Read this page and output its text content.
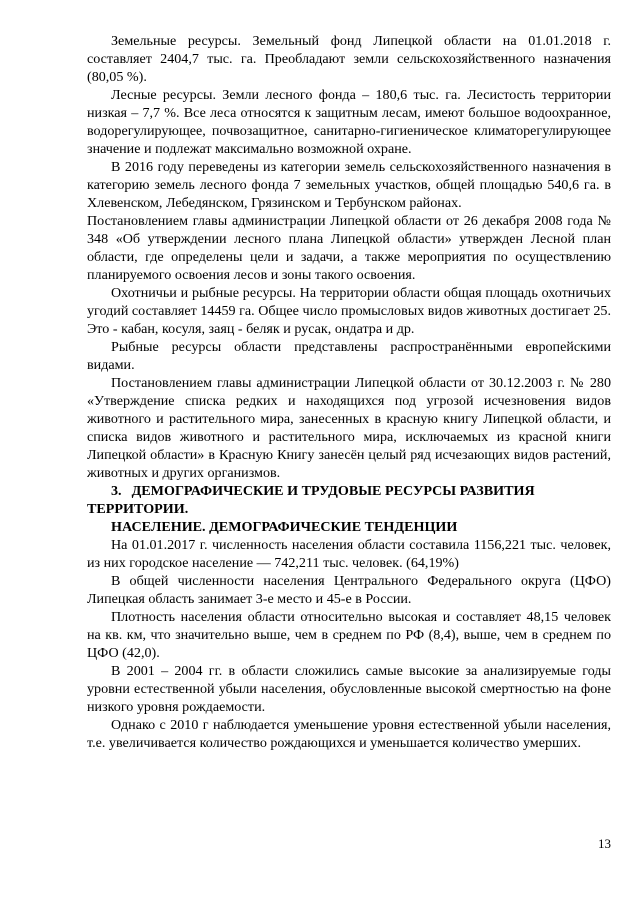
Земельные ресурсы. Земельный фонд Липецкой области на 01.01.2018 г. составляет 2404,7 тыс. га. Преобладают земли сельскохозяйственного назначения (80,05 %).

Лесные ресурсы. Земли лесного фонда – 180,6 тыс. га. Лесистость территории низкая – 7,7 %. Все леса относятся к защитным лесам, имеют большое водоохранное, водорегулирующее, почвозащитное, санитарно-гигиеническое климаторегулирующее значение и подлежат максимально возможной охране.

В 2016 году переведены из категории земель сельскохозяйственного назначения в категорию земель лесного фонда 7 земельных участков, общей площадью 540,6 га. в Хлевенском, Лебедянском, Грязинском и Тербунском районах.

Постановлением главы администрации Липецкой области от 26 декабря 2008 года № 348 «Об утверждении лесного плана Липецкой области» утвержден Лесной план области, где определены цели и задачи, а также мероприятия по осуществлению планируемого освоения лесов и зоны такого освоения.

Охотничьи и рыбные ресурсы. На территории области общая площадь охотничьих угодий составляет 14459 га. Общее число промысловых видов животных достигает 25. Это - кабан, косуля, заяц - беляк и русак, ондатра и др.

Рыбные ресурсы области представлены распространёнными европейскими видами.

Постановлением главы администрации Липецкой области от 30.12.2003 г. № 280 «Утверждение списка редких и находящихся под угрозой исчезновения видов животного и растительного мира, занесенных в красную книгу Липецкой области, и списка видов животного и растительного мира, исключаемых из красной книги Липецкой области» в Красную Книгу занесён целый ряд исчезающих видов растений, животных и других организмов.

3. ДЕМОГРАФИЧЕСКИЕ И ТРУДОВЫЕ РЕСУРСЫ РАЗВИТИЯ
ТЕРРИТОРИИ.
НАСЕЛЕНИЕ. ДЕМОГРАФИЧЕСКИЕ ТЕНДЕНЦИИ

На 01.01.2017 г. численность населения области составила 1156,221 тыс. человек, из них городское население — 742,211 тыс. человек. (64,19%)

В общей численности населения Центрального Федерального округа (ЦФО) Липецкая область занимает 3-е место и 45-е в России.

Плотность населения области относительно высокая и составляет 48,15 человек на кв. км, что значительно выше, чем в среднем по РФ (8,4), выше, чем в среднем по ЦФО (42,0).

В 2001 – 2004 гг. в области сложились самые высокие за анализируемые годы уровни естественной убыли населения, обусловленные высокой смертностью на фоне низкого уровня рождаемости.

Однако с 2010 г наблюдается уменьшение уровня естественной убыли населения, т.е. увеличивается количество рождающихся и уменьшается количество умерших.

13
